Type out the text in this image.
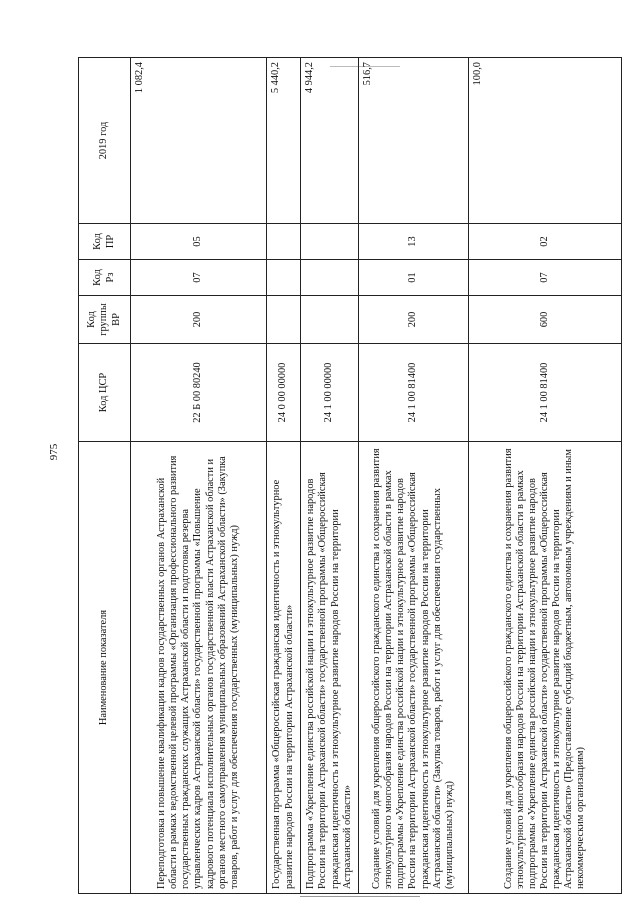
975
Наименование показателя	Код ЦСР	Код группы ВР	Код Рз	Код ПР	2019 год
Переподготовка и повышение квалификации кадров государственных органов Астраханской области в рамках ведомственной целевой программы «Организация профессионального развития государственных гражданских служащих Астраханской области и подготовка резерва управленческих кадров Астраханской области» государственной программы «Повышение кадрового потенциала исполнительных органов государственной власти Астраханской области и органов местного самоуправления муниципальных образований Астраханской области» (Закупка товаров, работ и услуг для обеспечения государственных (муниципальных) нужд)	22 Б 00 80240	200	07	05	1 082,4
Государственная программа «Общероссийская гражданская идентичность и этнокультурное развитие народов России на территории Астраханской области»	24 0 00 00000				5 440,2
Подпрограмма «Укрепление единства российской нации и этнокультурное развитие народов России на территории Астраханской области» государственной программы «Общероссийская гражданская идентичность и этнокультурное развитие народов России на территории Астраханской области»	24 1 00 00000				4 944,2
Создание условий для укрепления общероссийского гражданского единства и сохранения развития этнокультурного многообразия народов России на территории Астраханской области в рамках подпрограммы «Укрепление единства российской нации и этнокультурное развитие народов России на территории Астраханской области» государственной программы «Общероссийская гражданская идентичность и этнокультурное развитие народов России на территории Астраханской области» (Закупка товаров, работ и услуг для обеспечения государственных (муниципальных) нужд)	24 1 00 81400	200	01	13	516,7
Создание условий для укрепления общероссийского гражданского единства и сохранения развития этнокультурного многообразия народов России на территории Астраханской области в рамках подпрограммы «Укрепление единства российской нации и этнокультурное развитие народов России на территории Астраханской области» государственной программы «Общероссийская гражданская идентичность и этнокультурное развитие народов России на территории Астраханской области» (Предоставление субсидий бюджетным, автономным учреждениям и иным некоммерческим организациям)	24 1 00 81400	600	07	02	100,0
